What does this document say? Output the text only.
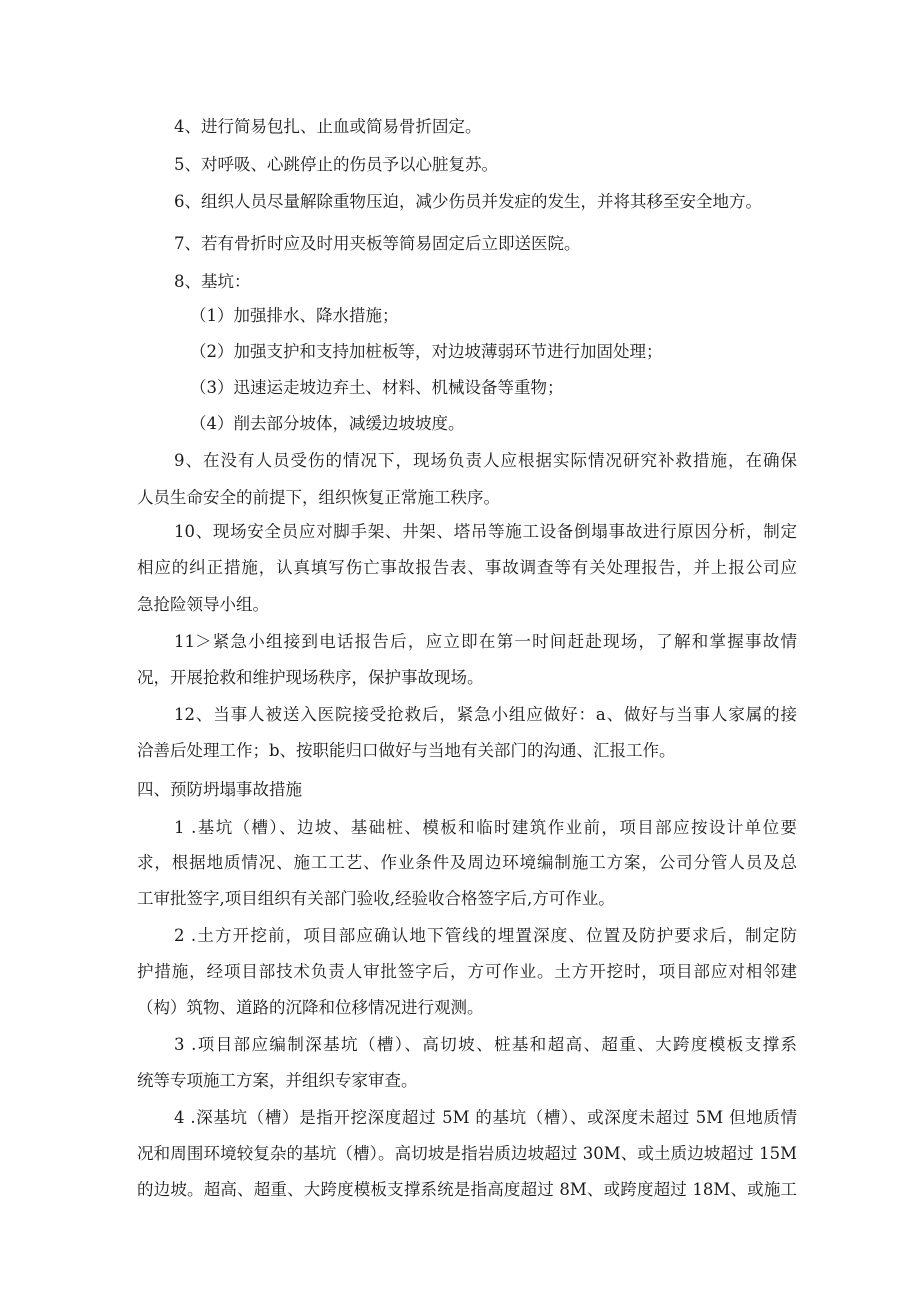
4、进行简易包扎、止血或简易骨折固定。
5、对呼吸、心跳停止的伤员予以心脏复苏。
6、组织人员尽量解除重物压迫，减少伤员并发症的发生，并将其移至安全地方。
7、若有骨折时应及时用夹板等简易固定后立即送医院。
8、基坑：
（1）加强排水、降水措施；
（2）加强支护和支持加桩板等，对边坡薄弱环节进行加固处理；
（3）迅速运走坡边弃土、材料、机械设备等重物；
（4）削去部分坡体，减缓边坡坡度。
9、在没有人员受伤的情况下，现场负责人应根据实际情况研究补救措施，在确保
人员生命安全的前提下，组织恢复正常施工秩序。
10、现场安全员应对脚手架、井架、塔吊等施工设备倒塌事故进行原因分析，制定
相应的纠正措施，认真填写伤亡事故报告表、事故调查等有关处理报告，并上报公司应
急抢险领导小组。
11＞紧急小组接到电话报告后，应立即在第一时间赶赴现场，了解和掌握事故情
况，开展抢救和维护现场秩序，保护事故现场。
12、当事人被送入医院接受抢救后，紧急小组应做好：a、做好与当事人家属的接
洽善后处理工作；b、按职能归口做好与当地有关部门的沟通、汇报工作。
四、预防坍塌事故措施
1 .基坑（槽）、边坡、基础桩、模板和临时建筑作业前，项目部应按设计单位要
求，根据地质情况、施工工艺、作业条件及周边环境编制施工方案，公司分管人员及总
工审批签字,项目组织有关部门验收,经验收合格签字后,方可作业。
2 .土方开挖前，项目部应确认地下管线的埋置深度、位置及防护要求后，制定防
护措施，经项目部技术负责人审批签字后，方可作业。土方开挖时，项目部应对相邻建
（构）筑物、道路的沉降和位移情况进行观测。
3 .项目部应编制深基坑（槽）、高切坡、桩基和超高、超重、大跨度模板支撑系
统等专项施工方案，并组织专家审查。
4 .深基坑（槽）是指开挖深度超过 5M 的基坑（槽）、或深度未超过 5M 但地质情
况和周围环境较复杂的基坑（槽）。高切坡是指岩质边坡超过 30M、或土质边坡超过 15M
的边坡。超高、超重、大跨度模板支撑系统是指高度超过 8M、或跨度超过 18M、或施工
